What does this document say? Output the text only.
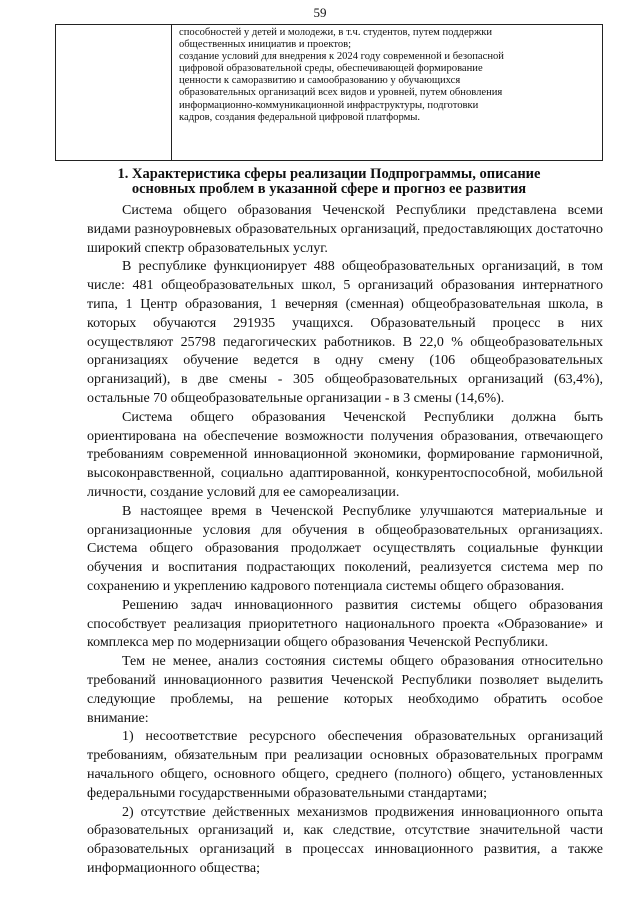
59

способностей у детей и молодежи, в т.ч. студентов, путем поддержки
общественных инициатив и проектов;
создание условий для внедрения к 2024 году современной и безопасной
цифровой образовательной среды, обеспечивающей формирование
ценности к саморазвитию и самообразованию у обучающихся
образовательных организаций всех видов и уровней, путем обновления
информационно-коммуникационной инфраструктуры, подготовки
кадров, создания федеральной цифровой платформы.
1. Характеристика сферы реализации Подпрограммы, описание
основных проблем в указанной сфере и прогноз ее развития
Система общего образования Чеченской Республики представлена всеми
видами разноуровневых образовательных организаций, предоставляющих достаточно
широкий спектр образовательных услуг.
В республике функционирует 488 общеобразовательных организаций, в том
числе: 481 общеобразовательных школ, 5 организаций образования интернатного
типа, 1 Центр образования, 1 вечерняя (сменная) общеобразовательная школа, в
которых обучаются 291935 учащихся. Образовательный процесс в них
осуществляют 25798 педагогических работников. В 22,0 % общеобразовательных
организациях обучение ведется в одну смену (106 общеобразовательных
организаций), в две смены - 305 общеобразовательных организаций (63,4%),
остальные 70 общеобразовательные организации - в 3 смены (14,6%).
Система общего образования Чеченской Республики должна быть
ориентирована на обеспечение возможности получения образования, отвечающего
требованиям современной инновационной экономики, формирование гармоничной,
высоконравственной, социально адаптированной, конкурентоспособной, мобильной
личности, создание условий для ее самореализации.
В настоящее время в Чеченской Республике улучшаются материальные и
организационные условия для обучения в общеобразовательных организациях.
Система общего образования продолжает осуществлять социальные функции
обучения и воспитания подрастающих поколений, реализуется система мер по
сохранению и укреплению кадрового потенциала системы общего образования.
Решению задач инновационного развития системы общего образования
способствует реализация приоритетного национального проекта «Образование» и
комплекса мер по модернизации общего образования Чеченской Республики.
Тем не менее, анализ состояния системы общего образования относительно
требований инновационного развития Чеченской Республики позволяет выделить
следующие проблемы, на решение которых необходимо обратить особое
внимание:
1) несоответствие ресурсного обеспечения образовательных организаций
требованиям, обязательным при реализации основных образовательных программ
начального общего, основного общего, среднего (полного) общего, установленных
федеральными государственными образовательными стандартами;
2) отсутствие действенных механизмов продвижения инновационного опыта
образовательных организаций и, как следствие, отсутствие значительной части
образовательных организаций в процессах инновационного развития, а также
информационного общества;
